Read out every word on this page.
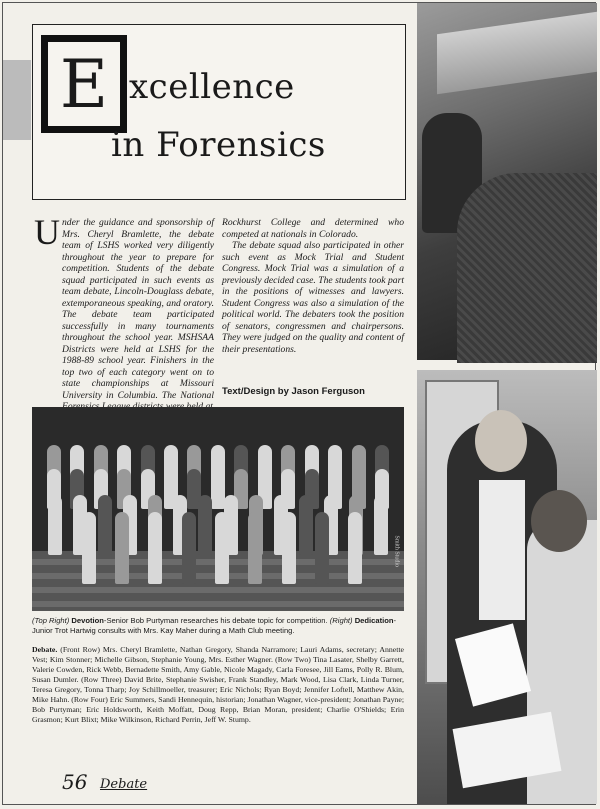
E xcellence
in Forensics
U nder the guidance and sponsorship of Mrs. Cheryl Bramlette, the debate team of LSHS worked very diligently throughout the year to prepare for competition. Students of the debate squad participated in such events as team debate, Lincoln-Douglass debate, extemporaneous speaking, and oratory. The debate team participated successfully in many tournaments throughout the school year. MSHSAA Districts were held at LSHS for the 1988-89 school year. Finishers in the top two of each category went on to state championships at Missouri University in Columbia. The National
Rockhurst College and determined who competed at nationals in Colorado.
The debate squad also participated in other such event as Mock Trial and Student Congress. Mock Trial was a simulation of a previously decided case. The students took part in the positions of witnesses and lawyers. Student Congress was also a simulation of the political world. The debaters took the position of senators, congressmen and chairpersons. They were judged on the quality and content of their presentations.
Text/Design by Jason Ferguson
Smith Studio
(Top Right) Devotion-Senior Bob Purtyman researches his debate topic for competition. (Right) Dedication-Junior Trot Hartwig consults with Mrs. Kay Maher during a Math Club meeting.
Debate. (Front Row) Mrs. Cheryl Bramlette, Nathan Gregory, Shanda Narramore; Lauri Adams, secretary; Annette Vest; Kim Stonner; Michelle Gibson, Stephanie Young, Mrs. Esther Wagner. (Row Two) Tina Lasater, Shelby Garrett, Valerie Cowden, Rick Webb, Bernadette Smith, Amy Gable, Nicole Magady, Carla Foresee, Jill Eams, Polly R. Blum, Susan Dumler. (Row Three) David Brite, Stephanie Swisher, Frank Standley, Mark Wood, Lisa Clark, Linda Turner, Teresa Gregory, Tonna Tharp; Joy Schillmoeller, treasurer; Eric Nichols; Ryan Boyd; Jennifer Loftell, Matthew Akin, Mike Hahn. (Row Four) Eric Summers, Sandi Hennequin, historian; Jonathan Wagner, vice-president; Jonathan Payne; Bob Purtyman; Eric Holdsworth, Keith Moffatt, Doug Repp, Brian Moran, president; Charlie O'Shields; Erin Grasmon; Kurt Blixt; Mike Wilkinson, Richard Perrin, Jeff W. Stump.
56 Debate
